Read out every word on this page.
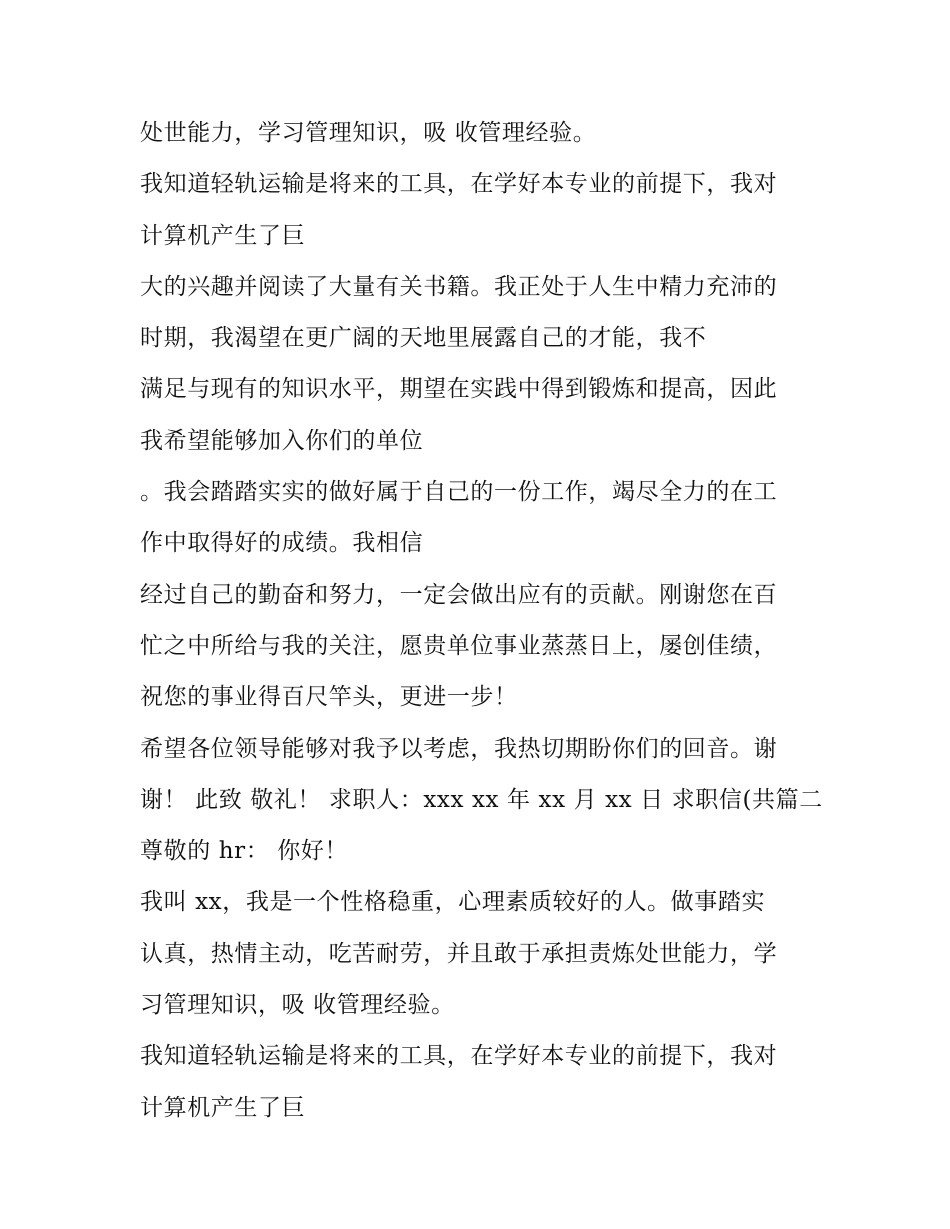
处世能力，学习管理知识，吸 收管理经验。
我知道轻轨运输是将来的工具，在学好本专业的前提下，我对
计算机产生了巨
大的兴趣并阅读了大量有关书籍。我正处于人生中精力充沛的
时期，我渴望在更广阔的天地里展露自己的才能，我不
满足与现有的知识水平，期望在实践中得到锻炼和提高，因此
我希望能够加入你们的单位
。我会踏踏实实的做好属于自己的一份工作，竭尽全力的在工
作中取得好的成绩。我相信
经过自己的勤奋和努力，一定会做出应有的贡献。刚谢您在百
忙之中所给与我的关注，愿贵单位事业蒸蒸日上，屡创佳绩，
祝您的事业得百尺竿头，更进一步！
希望各位领导能够对我予以考虑，我热切期盼你们的回音。谢
谢！ 此致 敬礼！ 求职人：xxx xx 年 xx 月 xx 日 求职信(共篇二
尊敬的 hr： 你好！
我叫 xx，我是一个性格稳重，心理素质较好的人。做事踏实
认真，热情主动，吃苦耐劳，并且敢于承担责炼处世能力，学
习管理知识，吸 收管理经验。
我知道轻轨运输是将来的工具，在学好本专业的前提下，我对
计算机产生了巨
